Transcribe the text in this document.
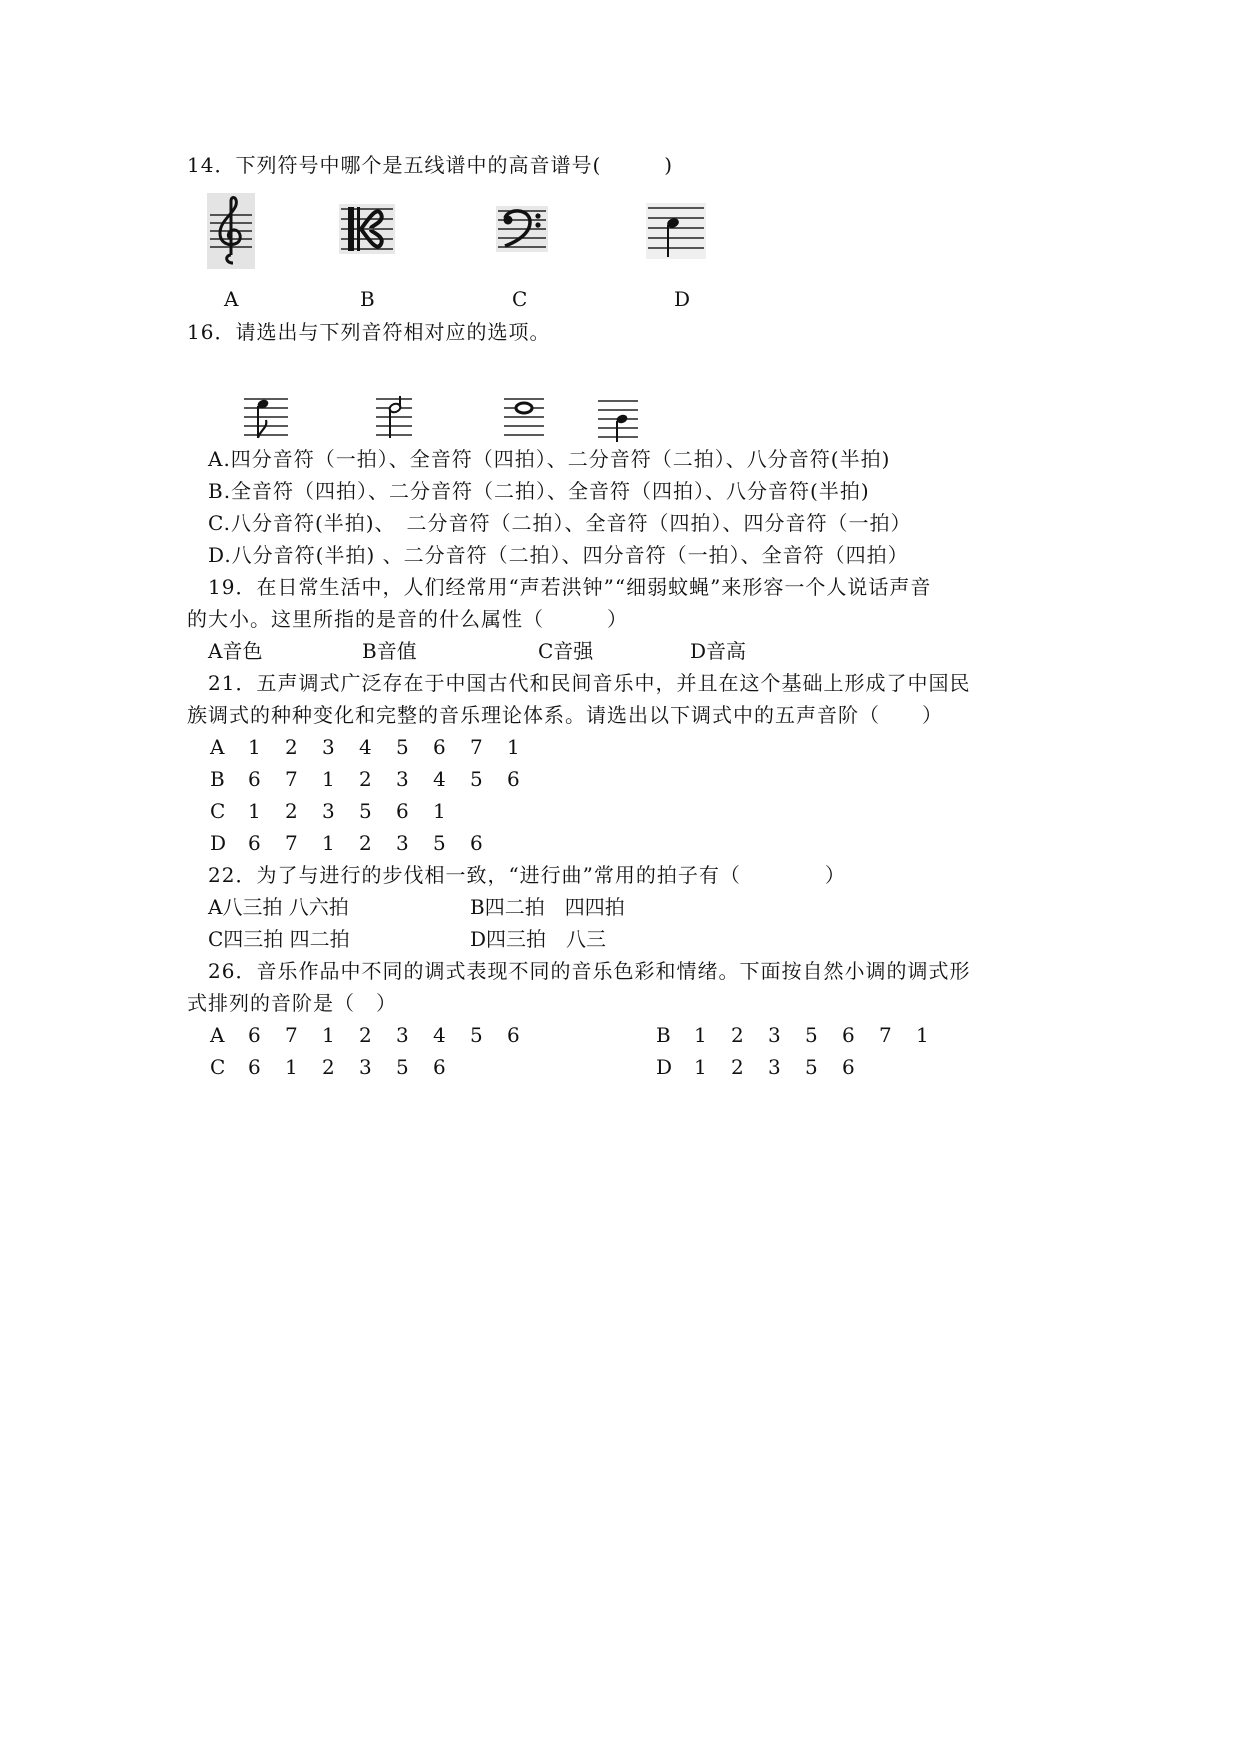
14．下列符号中哪个是五线谱中的高音谱号(　　　)
A	B	C	D
16．请选出与下列音符相对应的选项。
A.四分音符（一拍）、全音符（四拍）、二分音符（二拍）、八分音符(半拍)
B.全音符（四拍）、二分音符（二拍）、全音符（四拍）、八分音符(半拍)
C.八分音符(半拍)、　二分音符（二拍）、全音符（四拍）、四分音符（一拍）
D.八分音符(半拍) 、二分音符（二拍）、四分音符（一拍）、全音符（四拍）
19．在日常生活中，人们经常用“声若洪钟”“细弱蚊蝇”来形容一个人说话声音
的大小。这里所指的是音的什么属性（　　　）
A音色	B音值	C音强	D音高
21．五声调式广泛存在于中国古代和民间音乐中，并且在这个基础上形成了中国民
族调式的种种变化和完整的音乐理论体系。请选出以下调式中的五声音阶（　　）
A 1 2 3 4 5 6 7 1
B 6 7 1 2 3 4 5 6
C 1 2 3 5 6 1
D 6 7 1 2 3 5 6
22．为了与进行的步伐相一致，“进行曲”常用的拍子有（　　　　）
A八三拍 八六拍	B四二拍　四四拍
C四三拍 四二拍	D四三拍　八三
26．音乐作品中不同的调式表现不同的音乐色彩和情绪。下面按自然小调的调式形
式排列的音阶是（　）
A 6 7 1 2 3 4 5 6	B 1 2 3 5 6 7 1
C 6 1 2 3 5 6	D 1 2 3 5 6
